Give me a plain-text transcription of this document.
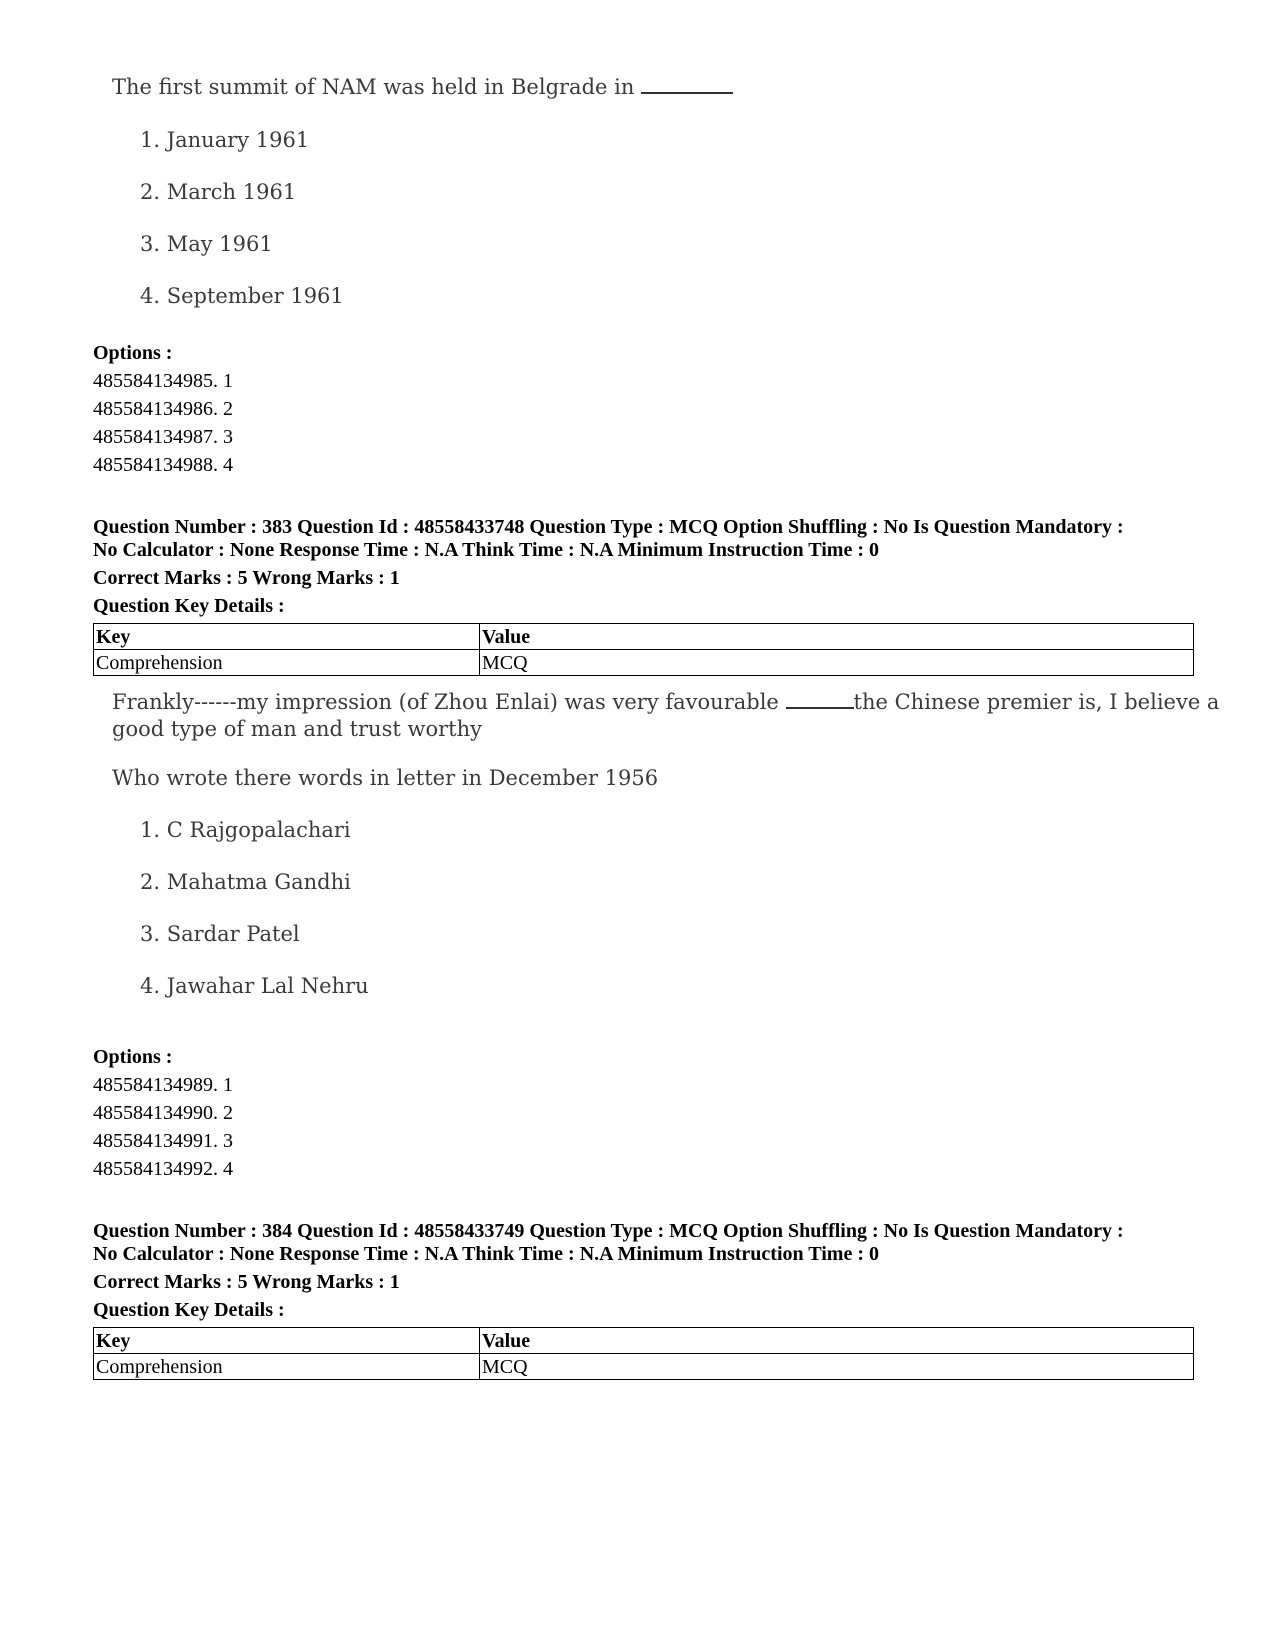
The first summit of NAM was held in Belgrade in
1. January 1961
2. March 1961
3. May 1961
4. September 1961
Options :
485584134985. 1
485584134986. 2
485584134987. 3
485584134988. 4
Question Number : 383 Question Id : 48558433748 Question Type : MCQ Option Shuffling : No Is Question Mandatory :
No Calculator : None Response Time : N.A Think Time : N.A Minimum Instruction Time : 0
Correct Marks : 5 Wrong Marks : 1
Question Key Details :
Key	Value
Comprehension	MCQ
Frankly------my impression (of Zhou Enlai) was very favourable	the Chinese premier is, I believe a
good type of man and trust worthy
Who wrote there words in letter in December 1956
1. C Rajgopalachari
2. Mahatma Gandhi
3. Sardar Patel
4. Jawahar Lal Nehru
Options :
485584134989. 1
485584134990. 2
485584134991. 3
485584134992. 4
Question Number : 384 Question Id : 48558433749 Question Type : MCQ Option Shuffling : No Is Question Mandatory :
No Calculator : None Response Time : N.A Think Time : N.A Minimum Instruction Time : 0
Correct Marks : 5 Wrong Marks : 1
Question Key Details :
Key	Value
Comprehension	MCQ
